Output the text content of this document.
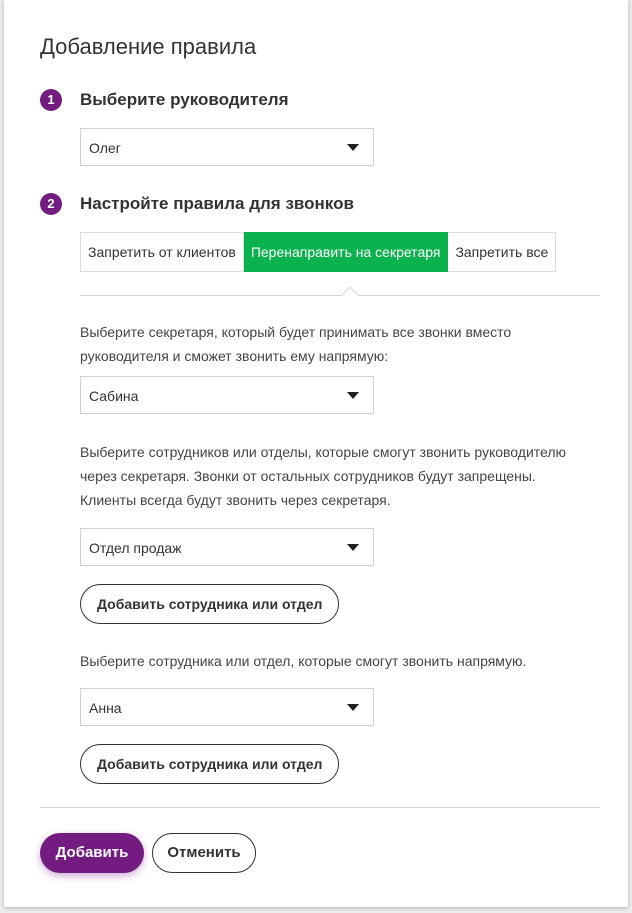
Добавление правила
1	Выберите руководителя
Олег
2	Настройте правила для звонков
Запретить от клиентов	Перенаправить на секретаря	Запретить все
Выберите секретаря, который будет принимать все звонки вместо
руководителя и сможет звонить ему напрямую:
Сабина
Выберите сотрудников или отделы, которые смогут звонить руководителю
через секретаря. Звонки от остальных сотрудников будут запрещены.
Клиенты всегда будут звонить через секретаря.
Отдел продаж
Добавить сотрудника или отдел
Выберите сотрудника или отдел, которые смогут звонить напрямую.
Анна
Добавить сотрудника или отдел
Добавить	Отменить
